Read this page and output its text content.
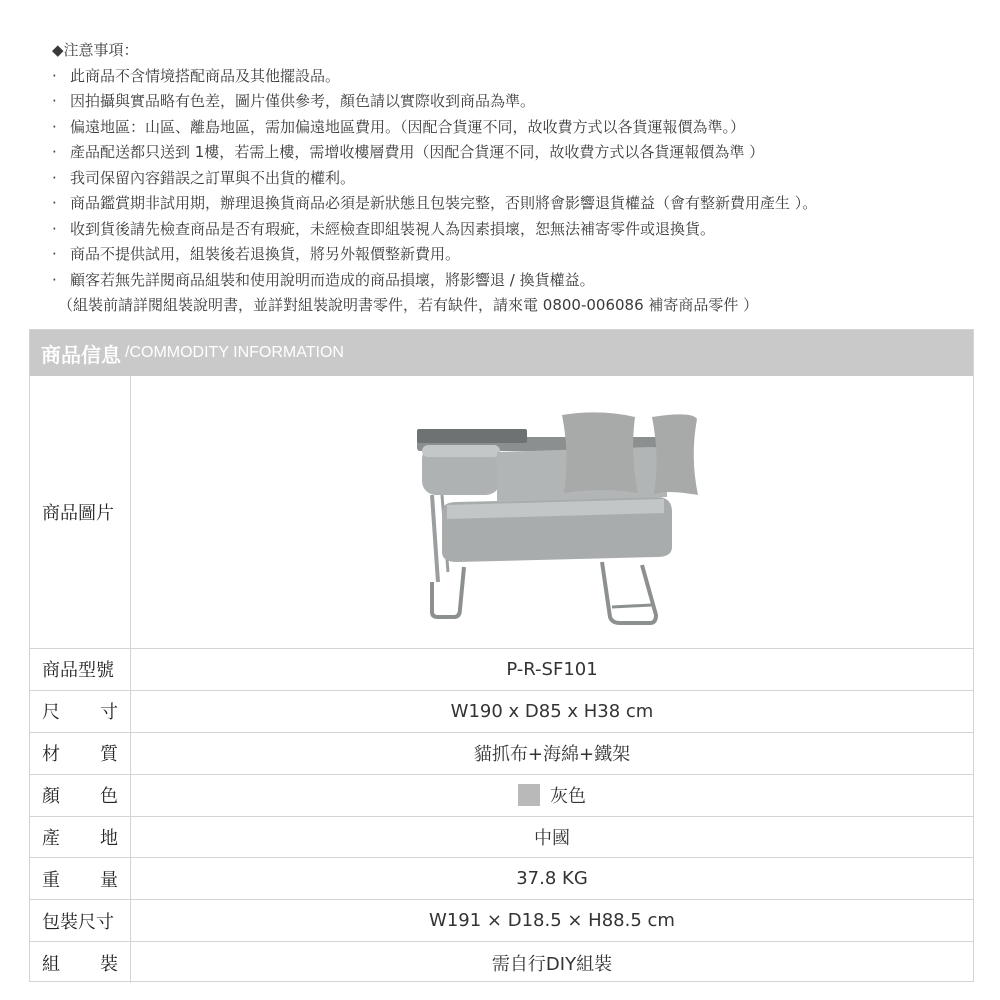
◆注意事項：
· 此商品不含情境搭配商品及其他擺設品。
· 因拍攝與實品略有色差，圖片僅供參考，顏色請以實際收到商品為準。
· 偏遠地區：山區、離島地區，需加偏遠地區費用。（因配合貨運不同，故收費方式以各貨運報價為準。）
· 產品配送都只送到 1樓，若需上樓，需增收樓層費用（因配合貨運不同，故收費方式以各貨運報價為準 ）
· 我司保留內容錯誤之訂單與不出貨的權利。
· 商品鑑賞期非試用期，辦理退換貨商品必須是新狀態且包裝完整，否則將會影響退貨權益（會有整新費用產生 ）。
· 收到貨後請先檢查商品是否有瑕疵，未經檢查即組裝視人為因素損壞，恕無法補寄零件或退換貨。
· 商品不提供試用，組裝後若退換貨，將另外報價整新費用。
· 顧客若無先詳閱商品組裝和使用說明而造成的商品損壞，將影響退 / 換貨權益。
（組裝前請詳閱組裝說明書，並詳對組裝說明書零件，若有缺件，請來電 0800-006086 補寄商品零件 ）
商品信息 /COMMODITY INFORMATION
商品圖片
商品型號	P-R-SF101
尺 寸	W190 x D85 x H38 cm
材 質	貓抓布+海綿+鐵架
顏 色	灰色
產 地	中國
重 量	37.8 KG
包裝尺寸	W191 × D18.5 × H88.5 cm
組 裝	需自行DIY組裝
